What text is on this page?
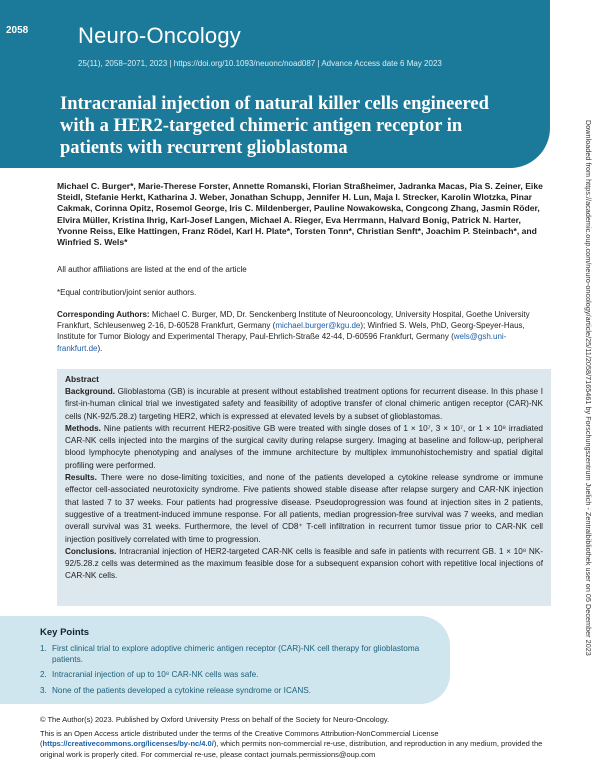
2058 Neuro-Oncology
25(11), 2058–2071, 2023 | https://doi.org/10.1093/neuonc/noad087 | Advance Access date 6 May 2023
Intracranial injection of natural killer cells engineered with a HER2-targeted chimeric antigen receptor in patients with recurrent glioblastoma	Downloaded from https://academic.oup.com/neuro-oncology/article/25/11/2058/7165461 by Forschungszentrum Juelich - Zentralbibliothek user on 05 December 2023
Michael C. Burger*, Marie-Therese Forster, Annette Romanski, Florian Straßheimer, Jadranka Macas, Pia S. Zeiner, Eike Steidl, Stefanie Herkt, Katharina J. Weber, Jonathan Schupp, Jennifer H. Lun, Maja I. Strecker, Karolin Wlotzka, Pinar Cakmak, Corinna Opitz, Rosemol George, Iris C. Mildenberger, Pauline Nowakowska, Congcong Zhang, Jasmin Röder, Elvira Müller, Kristina Ihrig, Karl-Josef Langen, Michael A. Rieger, Eva Herrmann, Halvard Bonig, Patrick N. Harter, Yvonne Reiss, Elke Hattingen, Franz Rödel, Karl H. Plate*, Torsten Tonn*, Christian Senft*, Joachim P. Steinbach*, and Winfried S. Wels*
All author affiliations are listed at the end of the article
*Equal contribution/joint senior authors.
Corresponding Authors: Michael C. Burger, MD, Dr. Senckenberg Institute of Neurooncology, University Hospital, Goethe University Frankfurt, Schleusenweg 2-16, D-60528 Frankfurt, Germany (michael.burger@kgu.de); Winfried S. Wels, PhD, Georg-Speyer-Haus, Institute for Tumor Biology and Experimental Therapy, Paul-Ehrlich-Straße 42-44, D-60596 Frankfurt, Germany (wels@gsh.uni-frankfurt.de).
Abstract

Background. Glioblastoma (GB) is incurable at present without established treatment options for recurrent disease. In this phase I first-in-human clinical trial we investigated safety and feasibility of adoptive transfer of clonal chimeric antigen receptor (CAR)-NK cells (NK-92/5.28.z) targeting HER2, which is expressed at elevated levels by a subset of glioblastomas.

Methods. Nine patients with recurrent HER2-positive GB were treated with single doses of 1 × 10⁷, 3 × 10⁷, or 1 × 10⁸ irradiated CAR-NK cells injected into the margins of the surgical cavity during relapse surgery. Imaging at baseline and follow-up, peripheral blood lymphocyte phenotyping and analyses of the immune architecture by multiplex immunohistochemistry and spatial digital profiling were performed.

Results. There were no dose-limiting toxicities, and none of the patients developed a cytokine release syndrome or immune effector cell-associated neurotoxicity syndrome. Five patients showed stable disease after relapse surgery and CAR-NK injection that lasted 7 to 37 weeks. Four patients had progressive disease. Pseudoprogression was found at injection sites in 2 patients, suggestive of a treatment-induced immune response. For all patients, median progression-free survival was 7 weeks, and median overall survival was 31 weeks. Furthermore, the level of CD8⁺ T-cell infiltration in recurrent tumor tissue prior to CAR-NK cell injection positively correlated with time to progression.

Conclusions. Intracranial injection of HER2-targeted CAR-NK cells is feasible and safe in patients with recurrent GB. 1 × 10⁸ NK-92/5.28.z cells was determined as the maximum feasible dose for a subsequent expansion cohort with repetitive local injections of CAR-NK cells.

Key Points
1. First clinical trial to explore adoptive chimeric antigen receptor (CAR)-NK cell therapy for glioblastoma patients.
2. Intracranial injection of up to 10⁸ CAR-NK cells was safe.
3. None of the patients developed a cytokine release syndrome or ICANS.
© The Author(s) 2023. Published by Oxford University Press on behalf of the Society for Neuro-Oncology.
This is an Open Access article distributed under the terms of the Creative Commons Attribution-NonCommercial License (https://creativecommons.org/licenses/by-nc/4.0/), which permits non-commercial re-use, distribution, and reproduction in any medium, provided the original work is properly cited. For commercial re-use, please contact journals.permissions@oup.com
